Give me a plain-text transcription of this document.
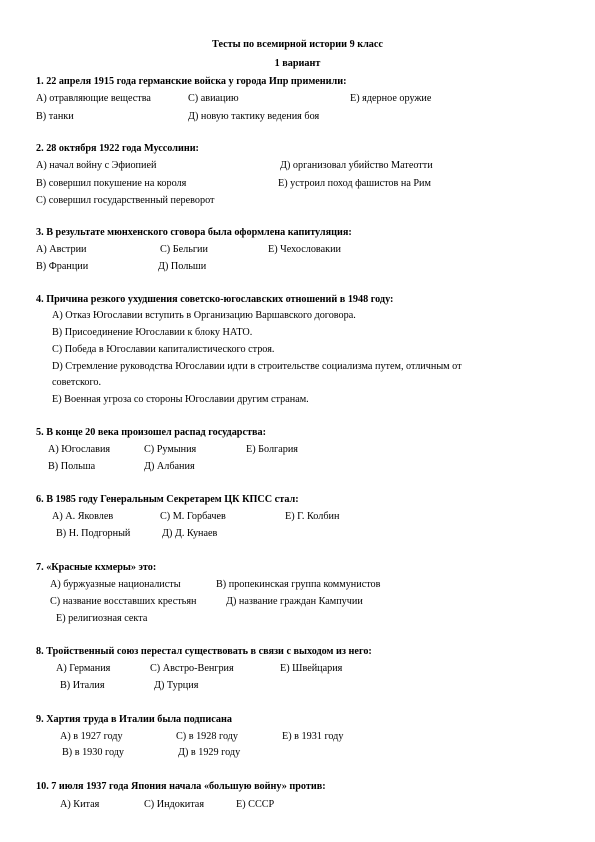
Тесты по всемирной истории 9 класс
1 вариант
1. 22 апреля 1915 года германские войска у города Ипр применили:
А) отравляющие вещества	С) авиацию	Е) ядерное оружие
В) танки	Д) новую тактику ведения боя
2. 28 октября 1922 года Муссолини:
А) начал войну с Эфиопией	Д) организовал убийство Матеотти
В) совершил покушение на короля	Е) устроил поход фашистов на Рим
С) совершил государственный переворот
3. В результате мюнхенского сговора была оформлена капитуляция:
А) Австрии	С) Бельгии	Е) Чехословакии
В) Франции	Д) Польши
4. Причина резкого ухудшения советско-югославских отношений в 1948 году:
А) Отказ Югославии вступить в Организацию Варшавского договора.
В) Присоединение Югославии к блоку НАТО.
С) Победа в Югославии капиталистического строя.
D) Стремление руководства Югославии идти в строительстве социализма путем, отличным от
советского.
Е) Военная угроза со стороны Югославии другим странам.
5. В конце 20 века произошел распад государства:
А) Югославия	С) Румыния	Е) Болгария
В) Польша	Д) Албания
6. В 1985 году Генеральным Секретарем ЦК КПСС стал:
А) А. Яковлев	С) М. Горбачев	Е) Г. Колбин
В) Н. Подгорный	Д) Д. Кунаев
7. «Красные кхмеры» это:
А) буржуазные националисты	В) пропекинская группа коммунистов
С) название восставших крестьян	Д) название граждан Кампучии
Е) религиозная секта
8. Тройственный союз перестал существовать в связи с выходом из него:
А) Германия	С) Австро-Венгрия	Е) Швейцария
В) Италия	Д) Турция
9. Хартия труда в Италии была подписана
А) в 1927 году	С) в 1928 году	Е) в 1931 году
В) в 1930 году	Д) в 1929 году
10. 7 июля 1937 года Япония начала «большую войну» против:
А) Китая	С) Индокитая	Е) СССР
